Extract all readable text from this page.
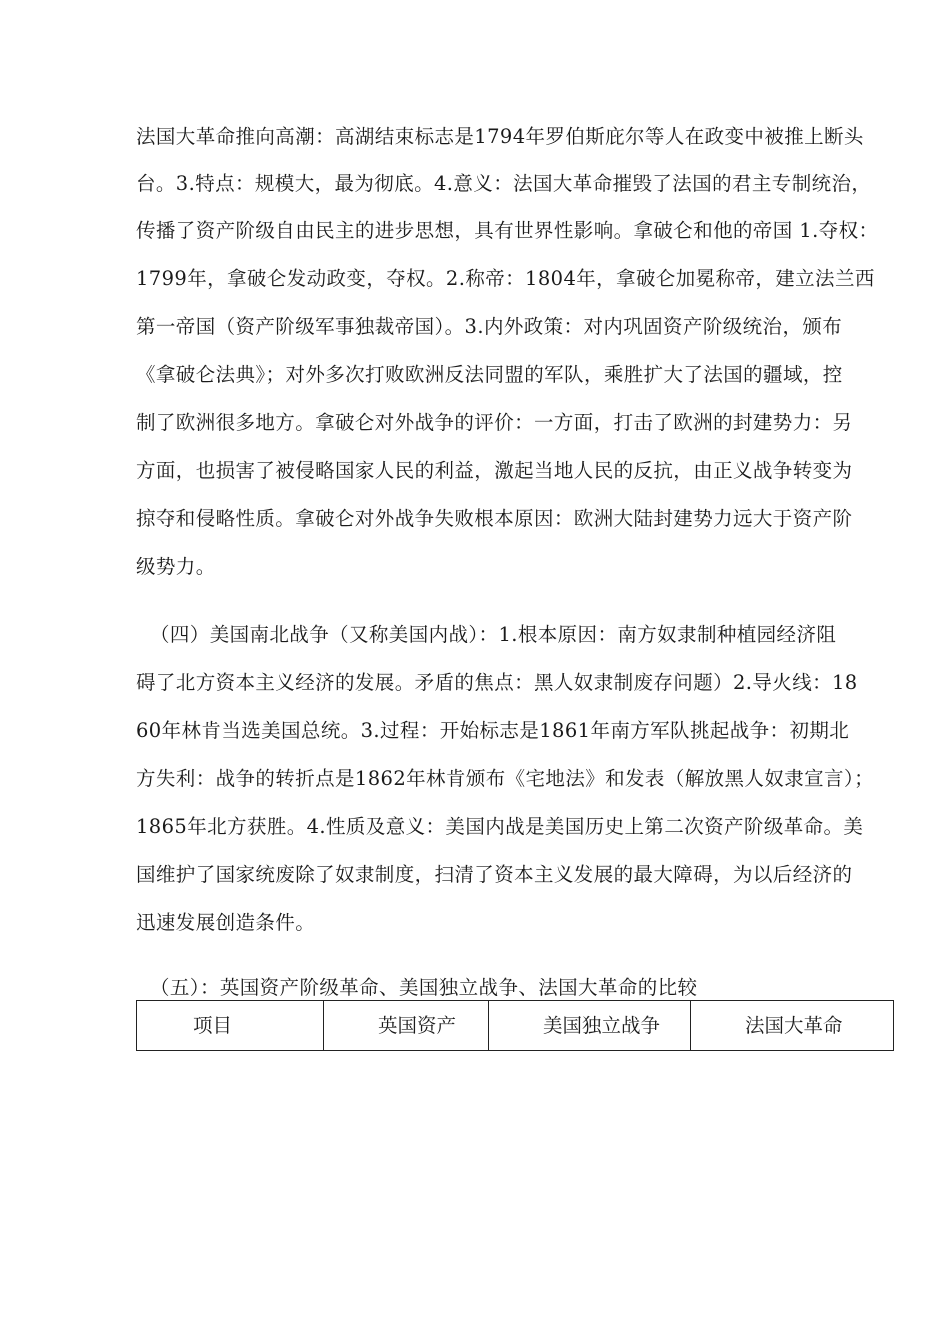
法国大革命推向高潮：高湖结束标志是1794年罗伯斯庇尔等人在政变中被推上断头
台。3.特点：规模大，最为彻底。4.意义：法国大革命摧毁了法国的君主专制统治，
传播了资产阶级自由民主的进步思想，具有世界性影响。拿破仑和他的帝国 1.夺权：
1799年，拿破仑发动政变，夺权。2.称帝：1804年，拿破仑加冕称帝，建立法兰西
第一帝国（资产阶级军事独裁帝国）。3.内外政策：对内巩固资产阶级统治，颁布
《拿破仑法典》；对外多次打败欧洲反法同盟的军队，乘胜扩大了法国的疆域，控
制了欧洲很多地方。拿破仑对外战争的评价：一方面，打击了欧洲的封建势力：另
方面，也损害了被侵略国家人民的利益，激起当地人民的反抗，由正义战争转变为
掠夺和侵略性质。拿破仑对外战争失败根本原因：欧洲大陆封建势力远大于资产阶
级势力。
（四）美国南北战争（又称美国内战）：1.根本原因：南方奴隶制种植园经济阻
碍了北方资本主义经济的发展。矛盾的焦点：黑人奴隶制废存问题）2.导火线：18
60年林肯当选美国总统。3.过程：开始标志是1861年南方军队挑起战争：初期北
方失利：战争的转折点是1862年林肯颁布《宅地法》和发表（解放黑人奴隶宣言）；
1865年北方获胜。4.性质及意义：美国内战是美国历史上第二次资产阶级革命。美
国维护了国家统废除了奴隶制度，扫清了资本主义发展的最大障碍，为以后经济的
迅速发展创造条件。
（五）：英国资产阶级革命、美国独立战争、法国大革命的比较
项目	英国资产	美国独立战争	法国大革命
